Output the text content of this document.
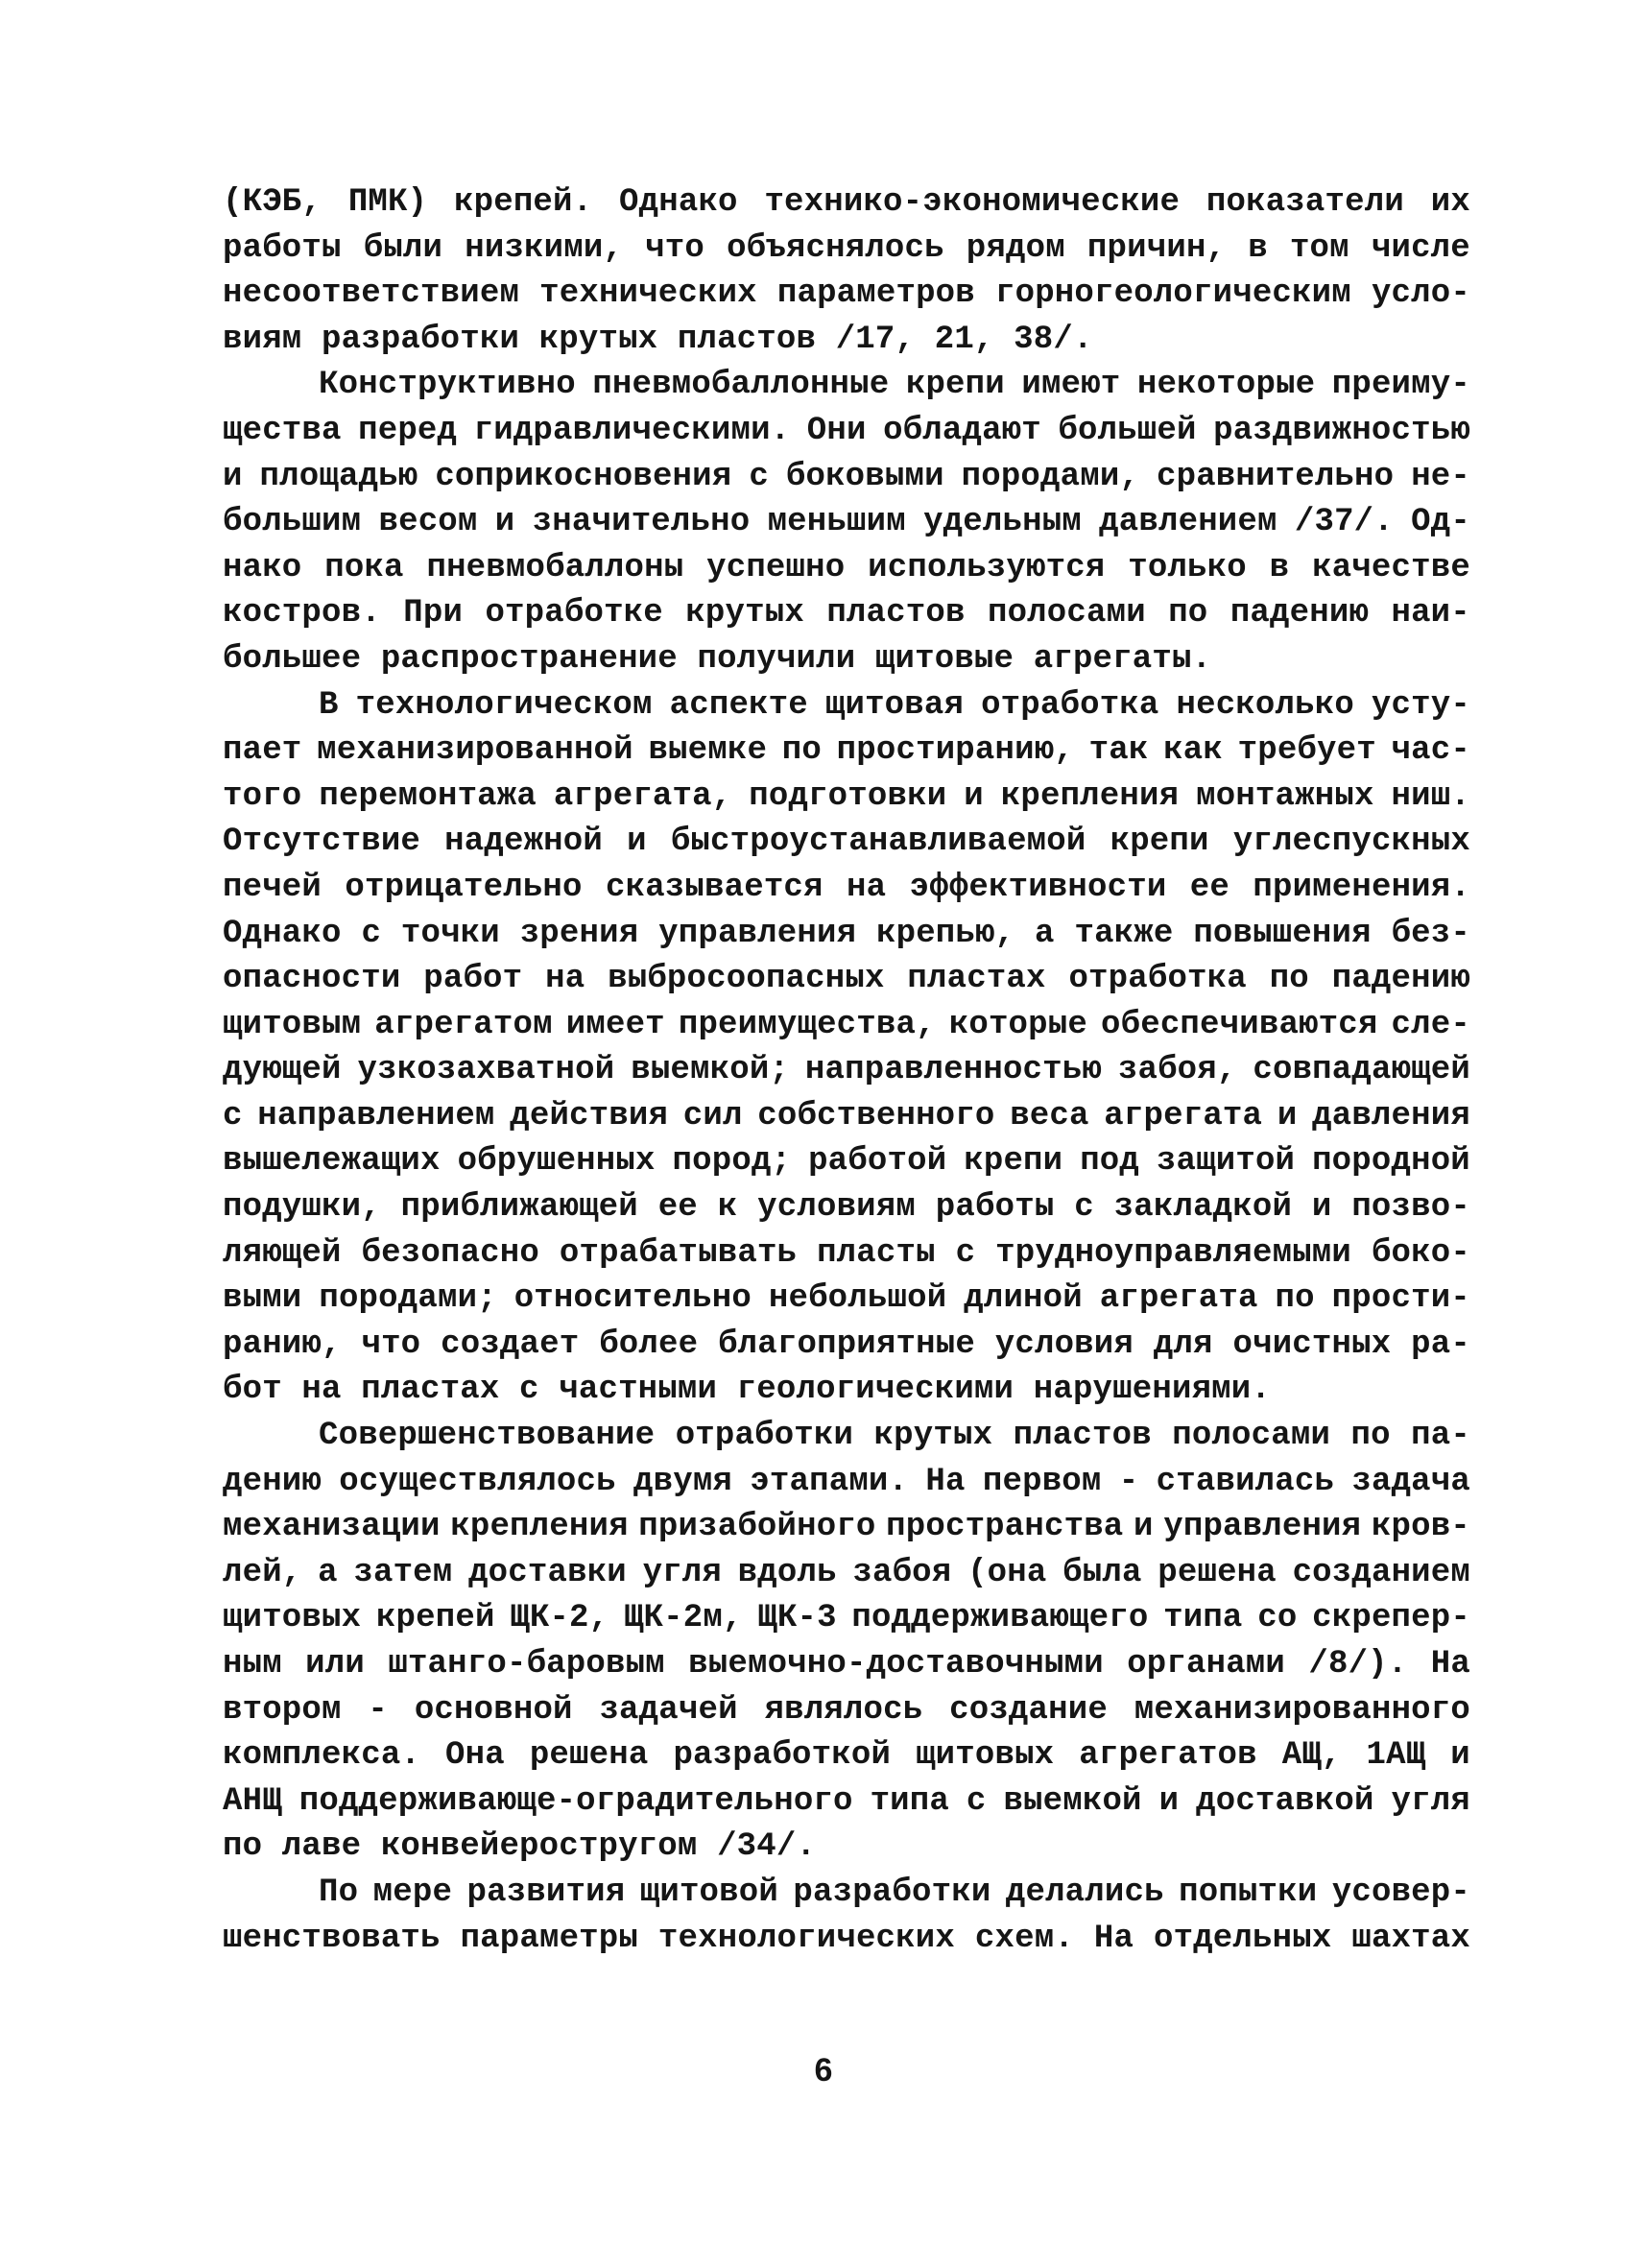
(КЭБ, ПМК) крепей. Однако технико-экономические показатели их
работы были низкими, что объяснялось рядом причин, в том числе
несоответствием технических параметров горногеологическим усло-
виям разработки крутых пластов /17, 21, 38/.
Конструктивно пневмобаллонные крепи имеют некоторые преиму-
щества перед гидравлическими. Они обладают большей раздвижностью
и площадью соприкосновения с боковыми породами, сравнительно не-
большим весом и значительно меньшим удельным давлением /37/. Од-
нако пока пневмобаллоны успешно используются только в качестве
костров. При отработке крутых пластов полосами по падению наи-
большее распространение получили щитовые агрегаты.
В технологическом аспекте щитовая отработка несколько усту-
пает механизированной выемке по простиранию, так как требует час-
того перемонтажа агрегата, подготовки и крепления монтажных ниш.
Отсутствие надежной и быстроустанавливаемой крепи углеспускных
печей отрицательно сказывается на эффективности ее применения.
Однако с точки зрения управления крепью, а также повышения без-
опасности работ на выбросоопасных пластах отработка по падению
щитовым агрегатом имеет преимущества, которые обеспечиваются сле-
дующей узкозахватной выемкой; направленностью забоя, совпадающей
с направлением действия сил собственного веса агрегата и давления
вышележащих обрушенных пород; работой крепи под защитой породной
подушки, приближающей ее к условиям работы с закладкой и позво-
ляющей безопасно отрабатывать пласты с трудноуправляемыми боко-
выми породами; относительно небольшой длиной агрегата по прости-
ранию, что создает более благоприятные условия для очистных ра-
бот на пластах с частными геологическими нарушениями.
Совершенствование отработки крутых пластов полосами по па-
дению осуществлялось двумя этапами. На первом - ставилась задача
механизации крепления призабойного пространства и управления кров-
лей, а затем доставки угля вдоль забоя (она была решена созданием
щитовых крепей ЩК-2, ЩК-2м, ЩК-3 поддерживающего типа со скрепер-
ным или штанго-баровым выемочно-доставочными органами /8/). На
втором - основной задачей являлось создание механизированного
комплекса. Она решена разработкой щитовых агрегатов АЩ, 1АЩ и
АНЩ поддерживающе-оградительного типа с выемкой и доставкой угля
по лаве конвейеростругом /34/.
По мере развития щитовой разработки делались попытки усовер-
шенствовать параметры технологических схем. На отдельных шахтах
6
